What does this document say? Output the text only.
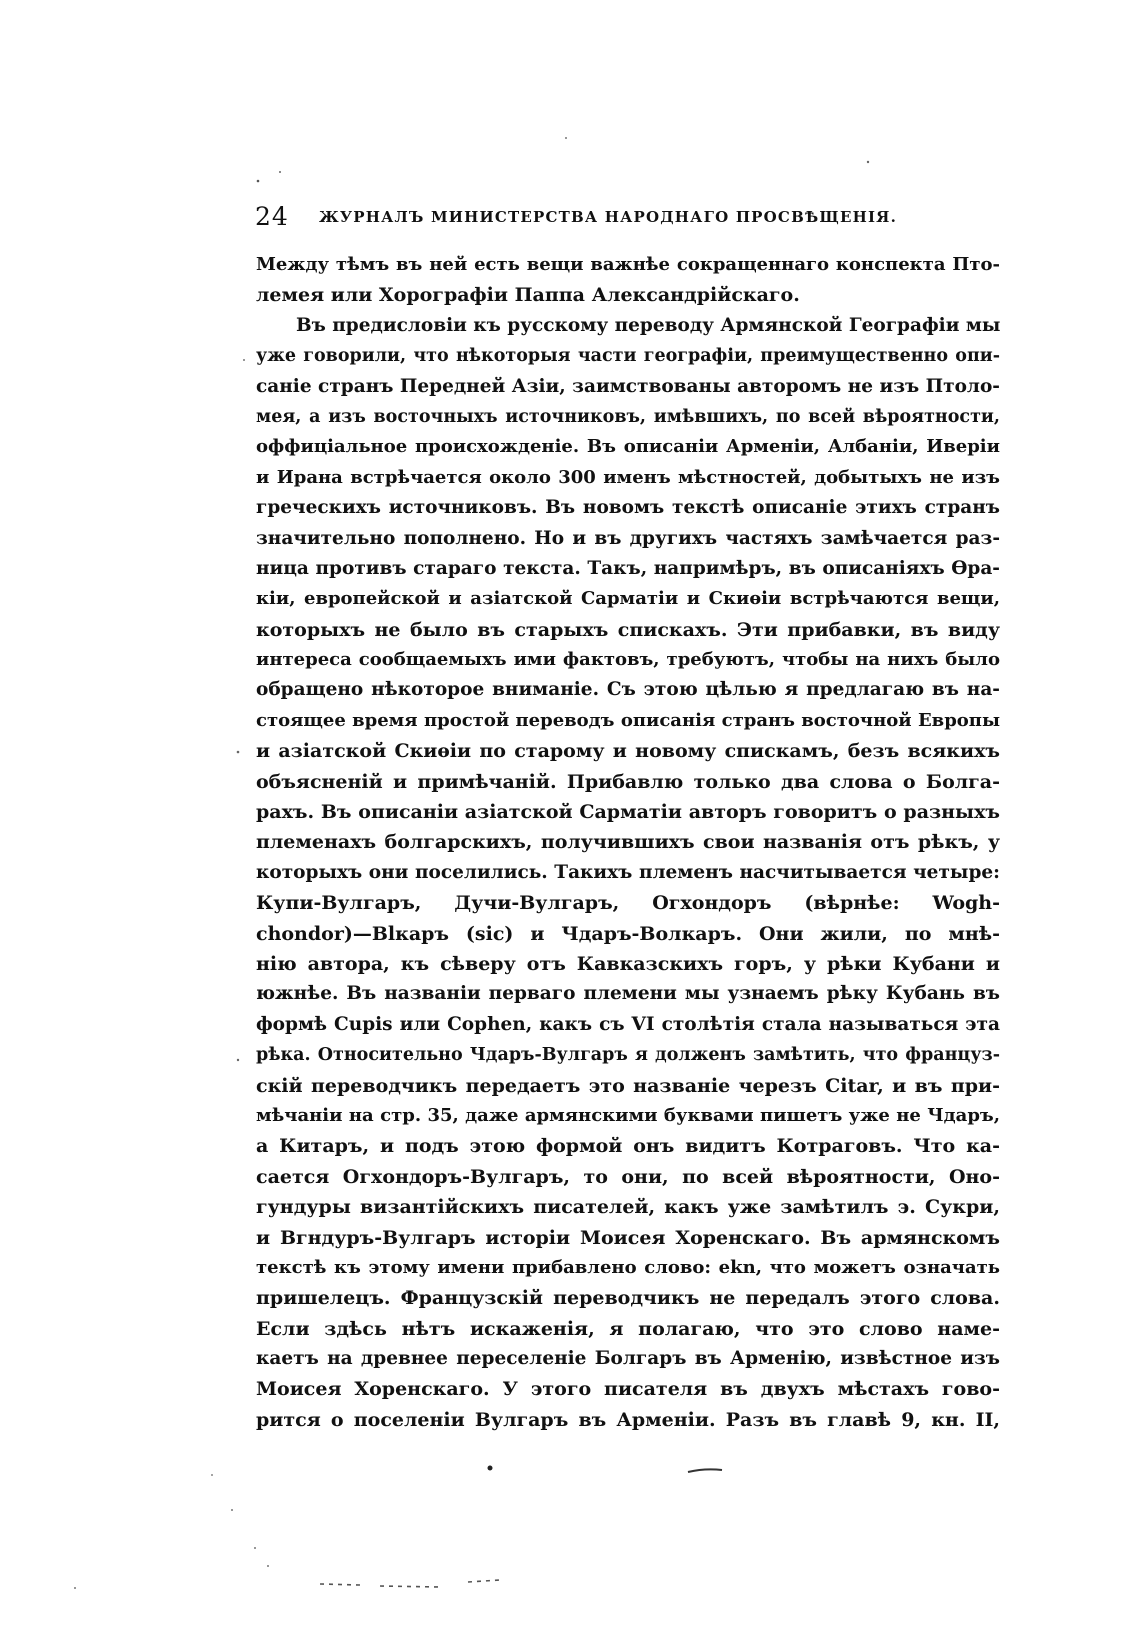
24 ЖУРНАЛЪ МИНИСТЕРСТВА НАРОДНАГО ПРОСВѢЩЕНІЯ.
Между тѣмъ въ ней есть вещи важнѣе сокращеннаго конспекта Пто-
лемея или Хорографіи Паппа Александрійскаго.
Въ предисловіи къ русскому переводу Армянской Географіи мы
уже говорили, что нѣкоторыя части географіи, преимущественно опи-
саніе странъ Передней Азіи, заимствованы авторомъ не изъ Птоло-
мея, а изъ восточныхъ источниковъ, имѣвшихъ, по всей вѣроятности,
оффиціальное происхожденіе. Въ описаніи Арменіи, Албаніи, Иверіи
и Ирана встрѣчается около 300 именъ мѣстностей, добытыхъ не изъ
греческихъ источниковъ. Въ новомъ текстѣ описаніе этихъ странъ
значительно пополнено. Но и въ другихъ частяхъ замѣчается раз-
ница противъ стараго текста. Такъ, напримѣръ, въ описаніяхъ Ѳра-
кіи, европейской и азіатской Сарматіи и Скиѳіи встрѣчаются вещи,
которыхъ не было въ старыхъ спискахъ. Эти прибавки, въ виду
интереса сообщаемыхъ ими фактовъ, требуютъ, чтобы на нихъ было
обращено нѣкоторое вниманіе. Съ этою цѣлью я предлагаю въ на-
стоящее время простой переводъ описанія странъ восточной Европы
и азіатской Скиѳіи по старому и новому спискамъ, безъ всякихъ
объясненій и примѣчаній. Прибавлю только два слова о Болга-
рахъ. Въ описаніи азіатской Сарматіи авторъ говоритъ о разныхъ
племенахъ болгарскихъ, получившихъ свои названія отъ рѣкъ, у
которыхъ они поселились. Такихъ племенъ насчитывается четыре:
Купи-Вулгаръ, Дучи-Вулгаръ, Огхондоръ (вѣрнѣе: Wogh-
chondor)—Вlкаръ (sic) и Чдаръ-Волкаръ. Они жили, по мнѣ-
нію автора, къ сѣверу отъ Кавказскихъ горъ, у рѣки Кубани и
южнѣе. Въ названіи перваго племени мы узнаемъ рѣку Кубань въ
формѣ Cupis или Cophen, какъ съ VI столѣтія стала называться эта
рѣка. Относительно Чдаръ-Вулгаръ я долженъ замѣтить, что француз-
скій переводчикъ передаетъ это названіе черезъ Citar, и въ при-
мѣчаніи на стр. 35, даже армянскими буквами пишетъ уже не Чдаръ,
а Китаръ, и подъ этою формой онъ видитъ Котраговъ. Что ка-
сается Огхондоръ-Вулгаръ, то они, по всей вѣроятности, Оно-
гундуры византійскихъ писателей, какъ уже замѣтилъ э. Сукри,
и Вгндуръ-Вулгаръ исторіи Моисея Хоренскаго. Въ армянскомъ
текстѣ къ этому имени прибавлено слово: ekn, что можетъ означать
пришелецъ. Французскій переводчикъ не передалъ этого слова.
Если здѣсь нѣтъ искаженія, я полагаю, что это слово наме-
каетъ на древнее переселеніе Болгаръ въ Арменію, извѣстное изъ
Моисея Хоренскаго. У этого писателя въ двухъ мѣстахъ гово-
рится о поселеніи Вулгаръ въ Арменіи. Разъ въ главѣ 9, кн. II,
